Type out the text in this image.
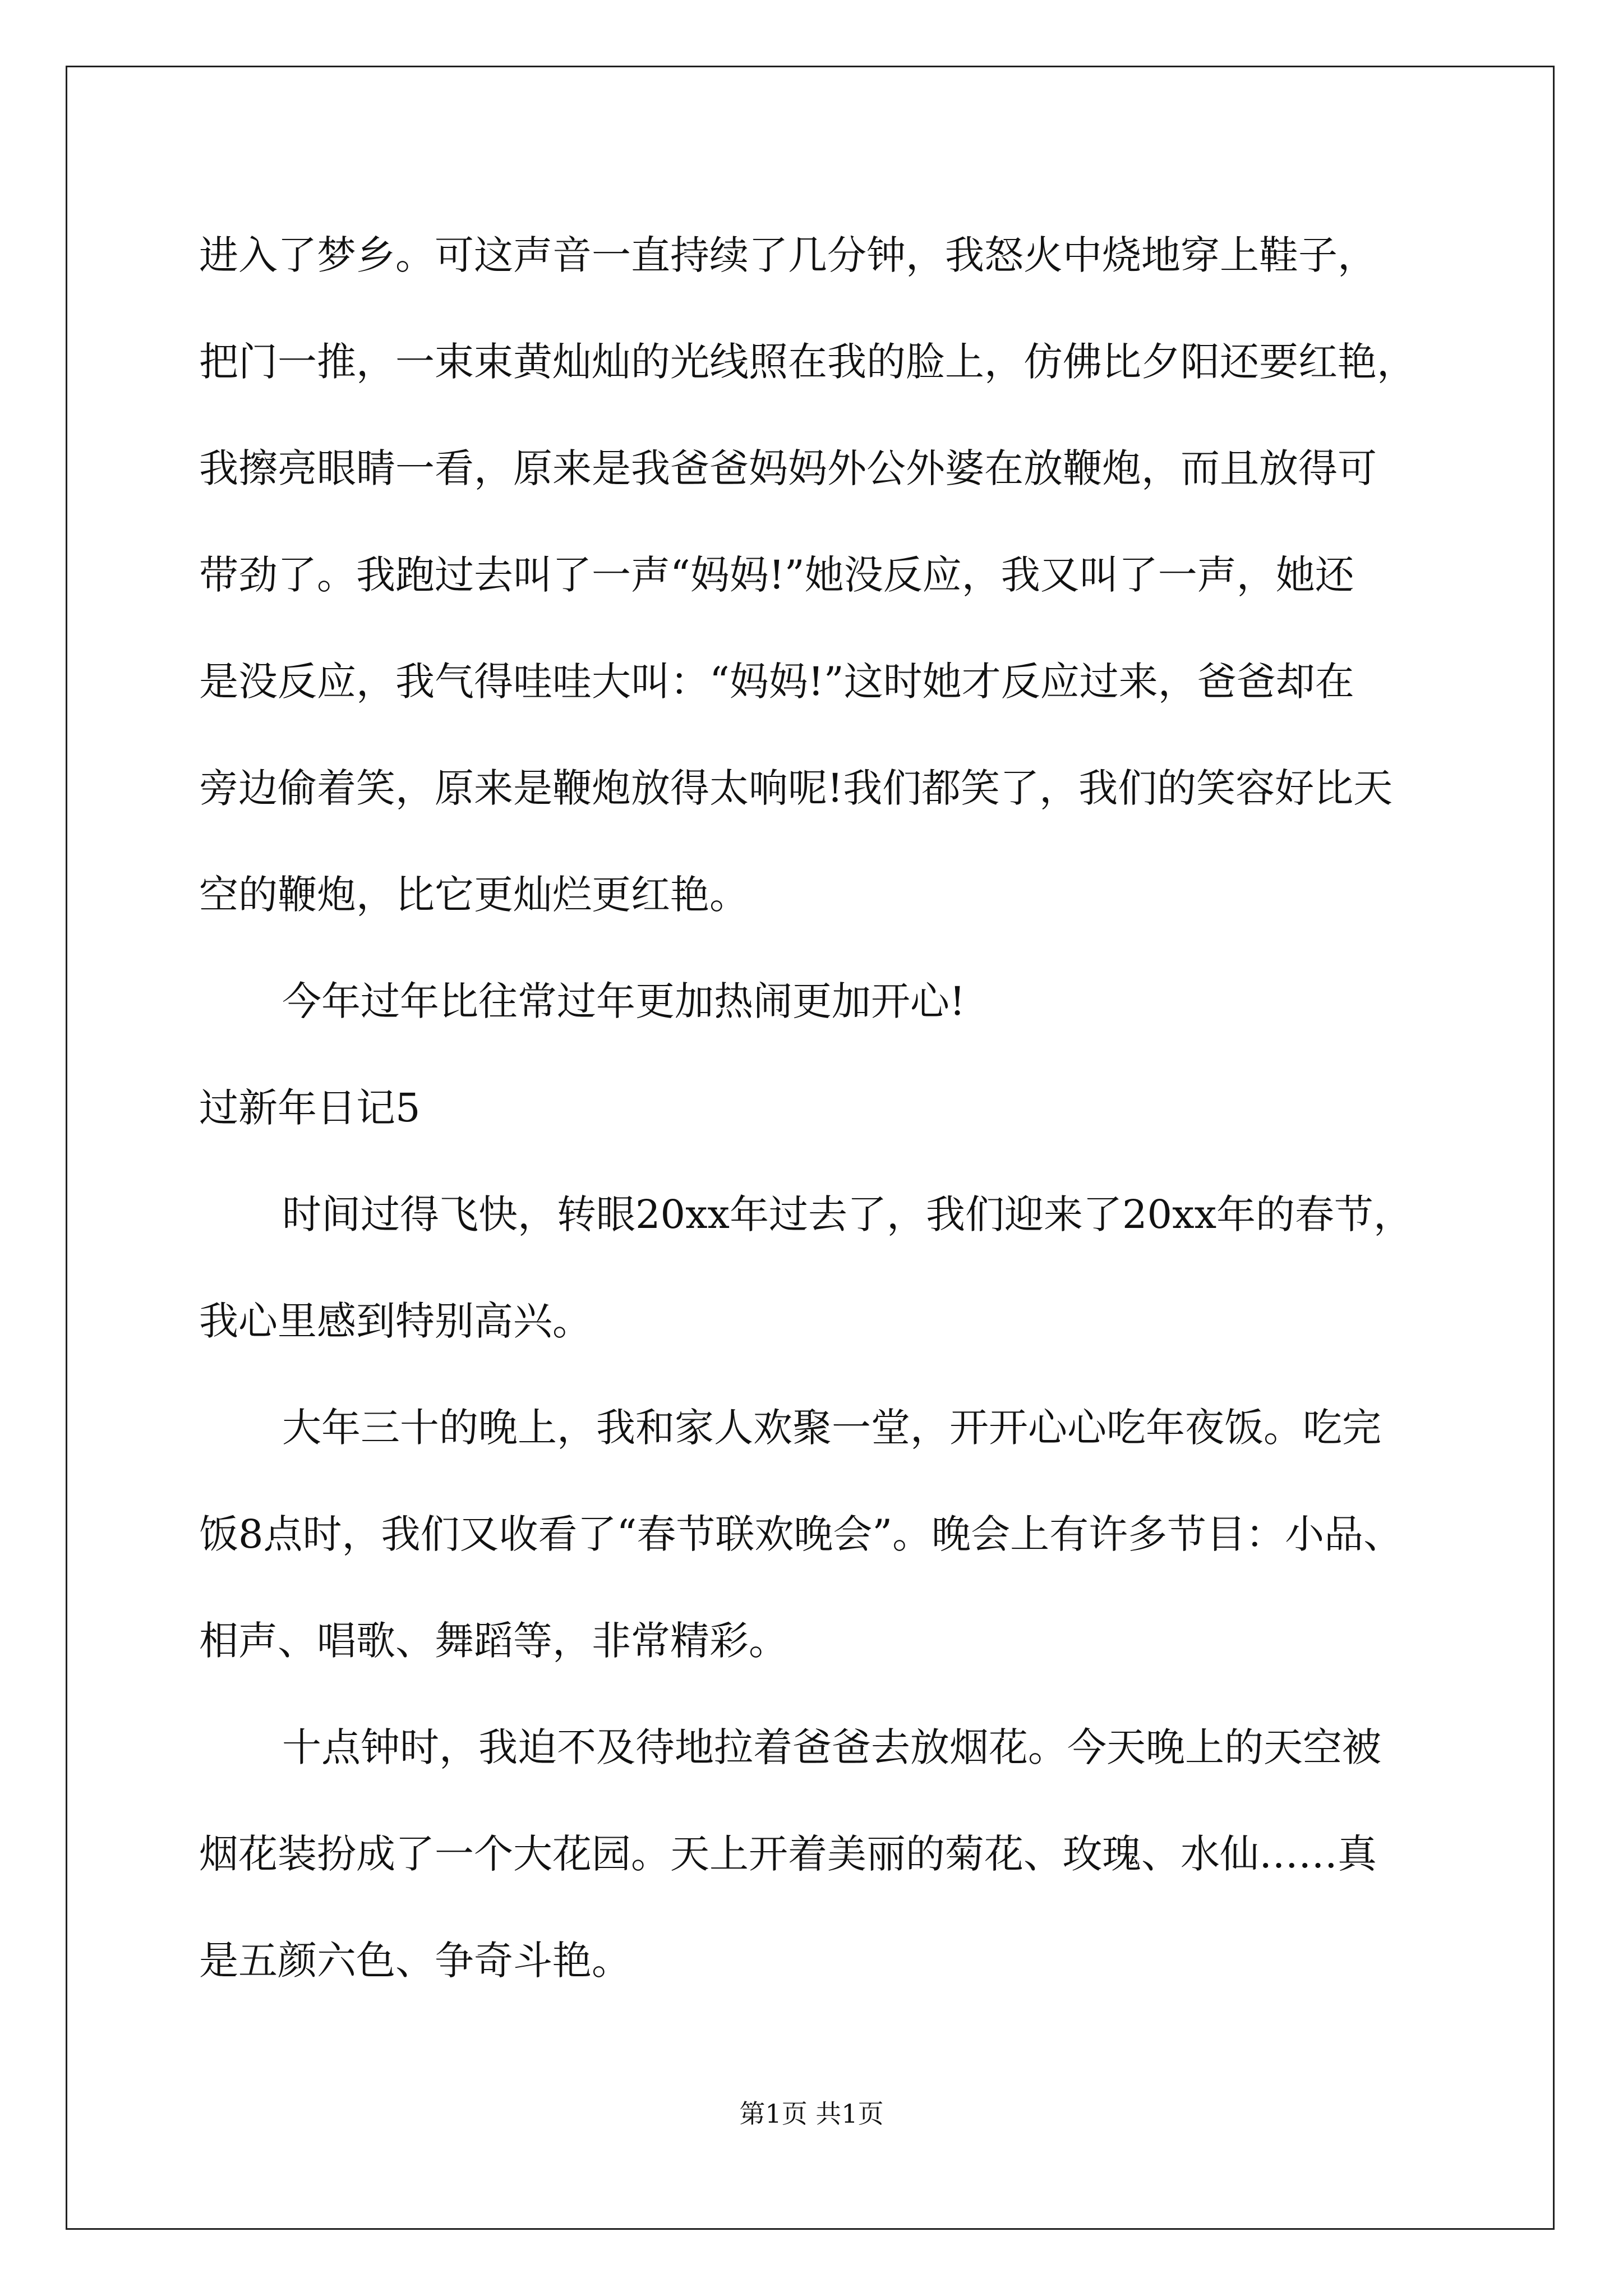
进入了梦乡。可这声音一直持续了几分钟，我怒火中烧地穿上鞋子，
把门一推，一束束黄灿灿的光线照在我的脸上，仿佛比夕阳还要红艳，
我擦亮眼睛一看，原来是我爸爸妈妈外公外婆在放鞭炮，而且放得可
带劲了。我跑过去叫了一声“妈妈!”她没反应，我又叫了一声，她还
是没反应，我气得哇哇大叫：“妈妈!”这时她才反应过来，爸爸却在
旁边偷着笑，原来是鞭炮放得太响呢!我们都笑了，我们的笑容好比天
空的鞭炮，比它更灿烂更红艳。
今年过年比往常过年更加热闹更加开心!
过新年日记5
时间过得飞快，转眼20xx年过去了，我们迎来了20xx年的春节，
我心里感到特别高兴。
大年三十的晚上，我和家人欢聚一堂，开开心心吃年夜饭。吃完
饭8点时，我们又收看了“春节联欢晚会”。晚会上有许多节目：小品、
相声、唱歌、舞蹈等，非常精彩。
十点钟时，我迫不及待地拉着爸爸去放烟花。今天晚上的天空被
烟花装扮成了一个大花园。天上开着美丽的菊花、玫瑰、水仙……真
是五颜六色、争奇斗艳。
第1页 共1页
